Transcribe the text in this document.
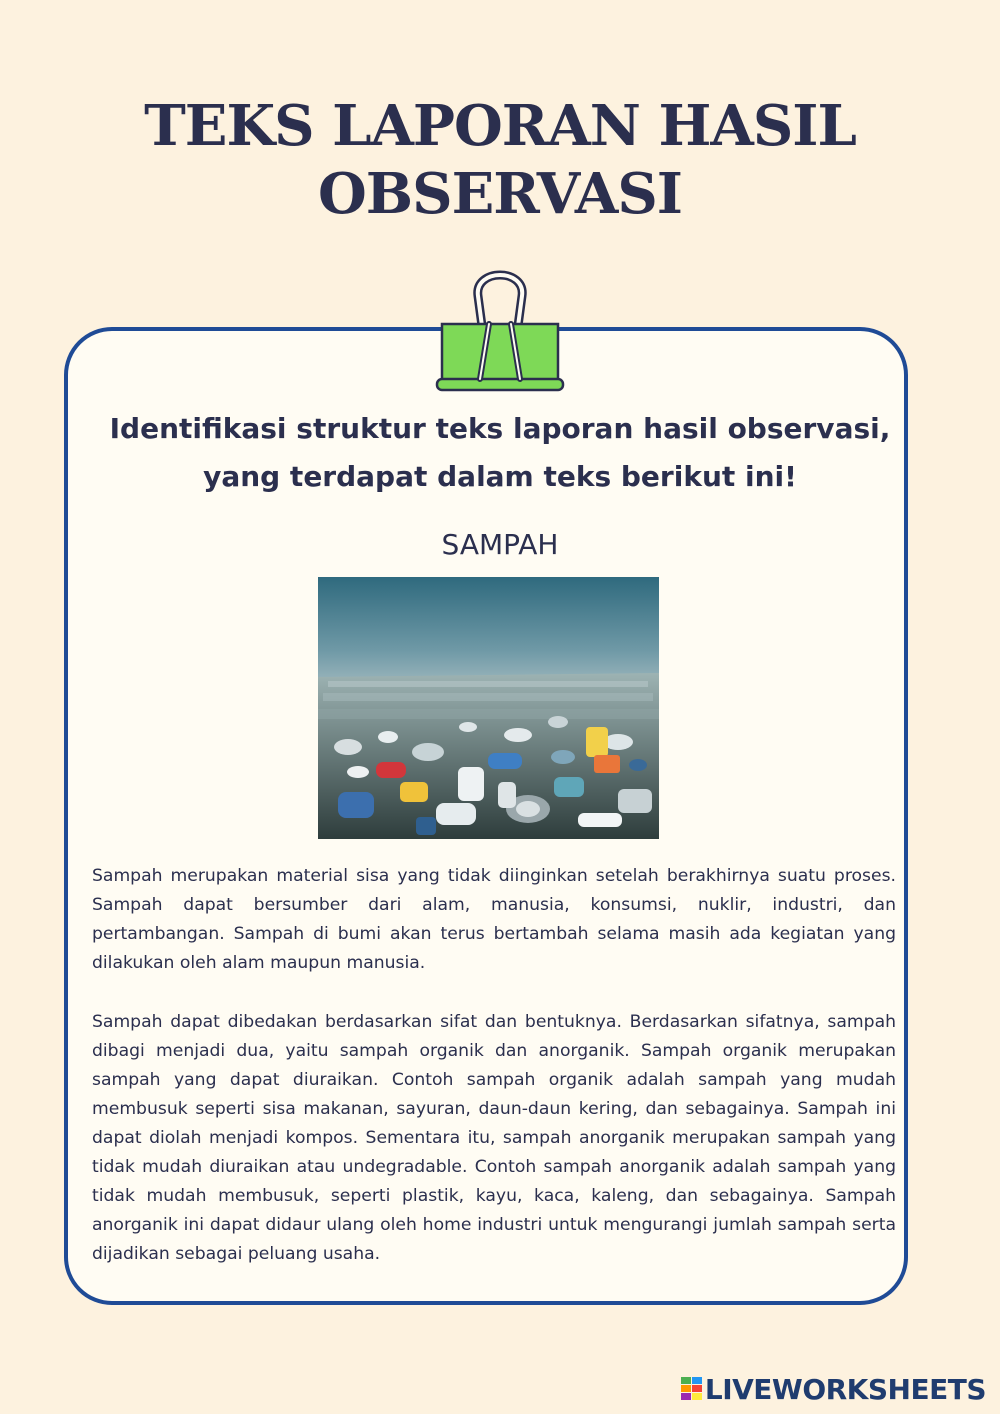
TEKS LAPORAN HASIL OBSERVASI

Identifikasi struktur teks laporan hasil observasi, yang terdapat dalam teks berikut ini!

SAMPAH

Sampah merupakan material sisa yang tidak diinginkan setelah berakhirnya suatu proses. Sampah dapat bersumber dari alam, manusia, konsumsi, nuklir, industri, dan pertambangan. Sampah di bumi akan terus bertambah selama masih ada kegiatan yang dilakukan oleh alam maupun manusia.

Sampah dapat dibedakan berdasarkan sifat dan bentuknya. Berdasarkan sifatnya, sampah dibagi menjadi dua, yaitu sampah organik dan anorganik. Sampah organik merupakan sampah yang dapat diuraikan. Contoh sampah organik adalah sampah yang mudah membusuk seperti sisa makanan, sayuran, daun-daun kering, dan sebagainya. Sampah ini dapat diolah menjadi kompos. Sementara itu, sampah anorganik merupakan sampah yang tidak mudah diuraikan atau undegradable. Contoh sampah anorganik adalah sampah yang tidak mudah membusuk, seperti plastik, kayu, kaca, kaleng, dan sebagainya. Sampah anorganik ini dapat didaur ulang oleh home industri untuk mengurangi jumlah sampah serta dijadikan sebagai peluang usaha.

LIVEWORKSHEETS
